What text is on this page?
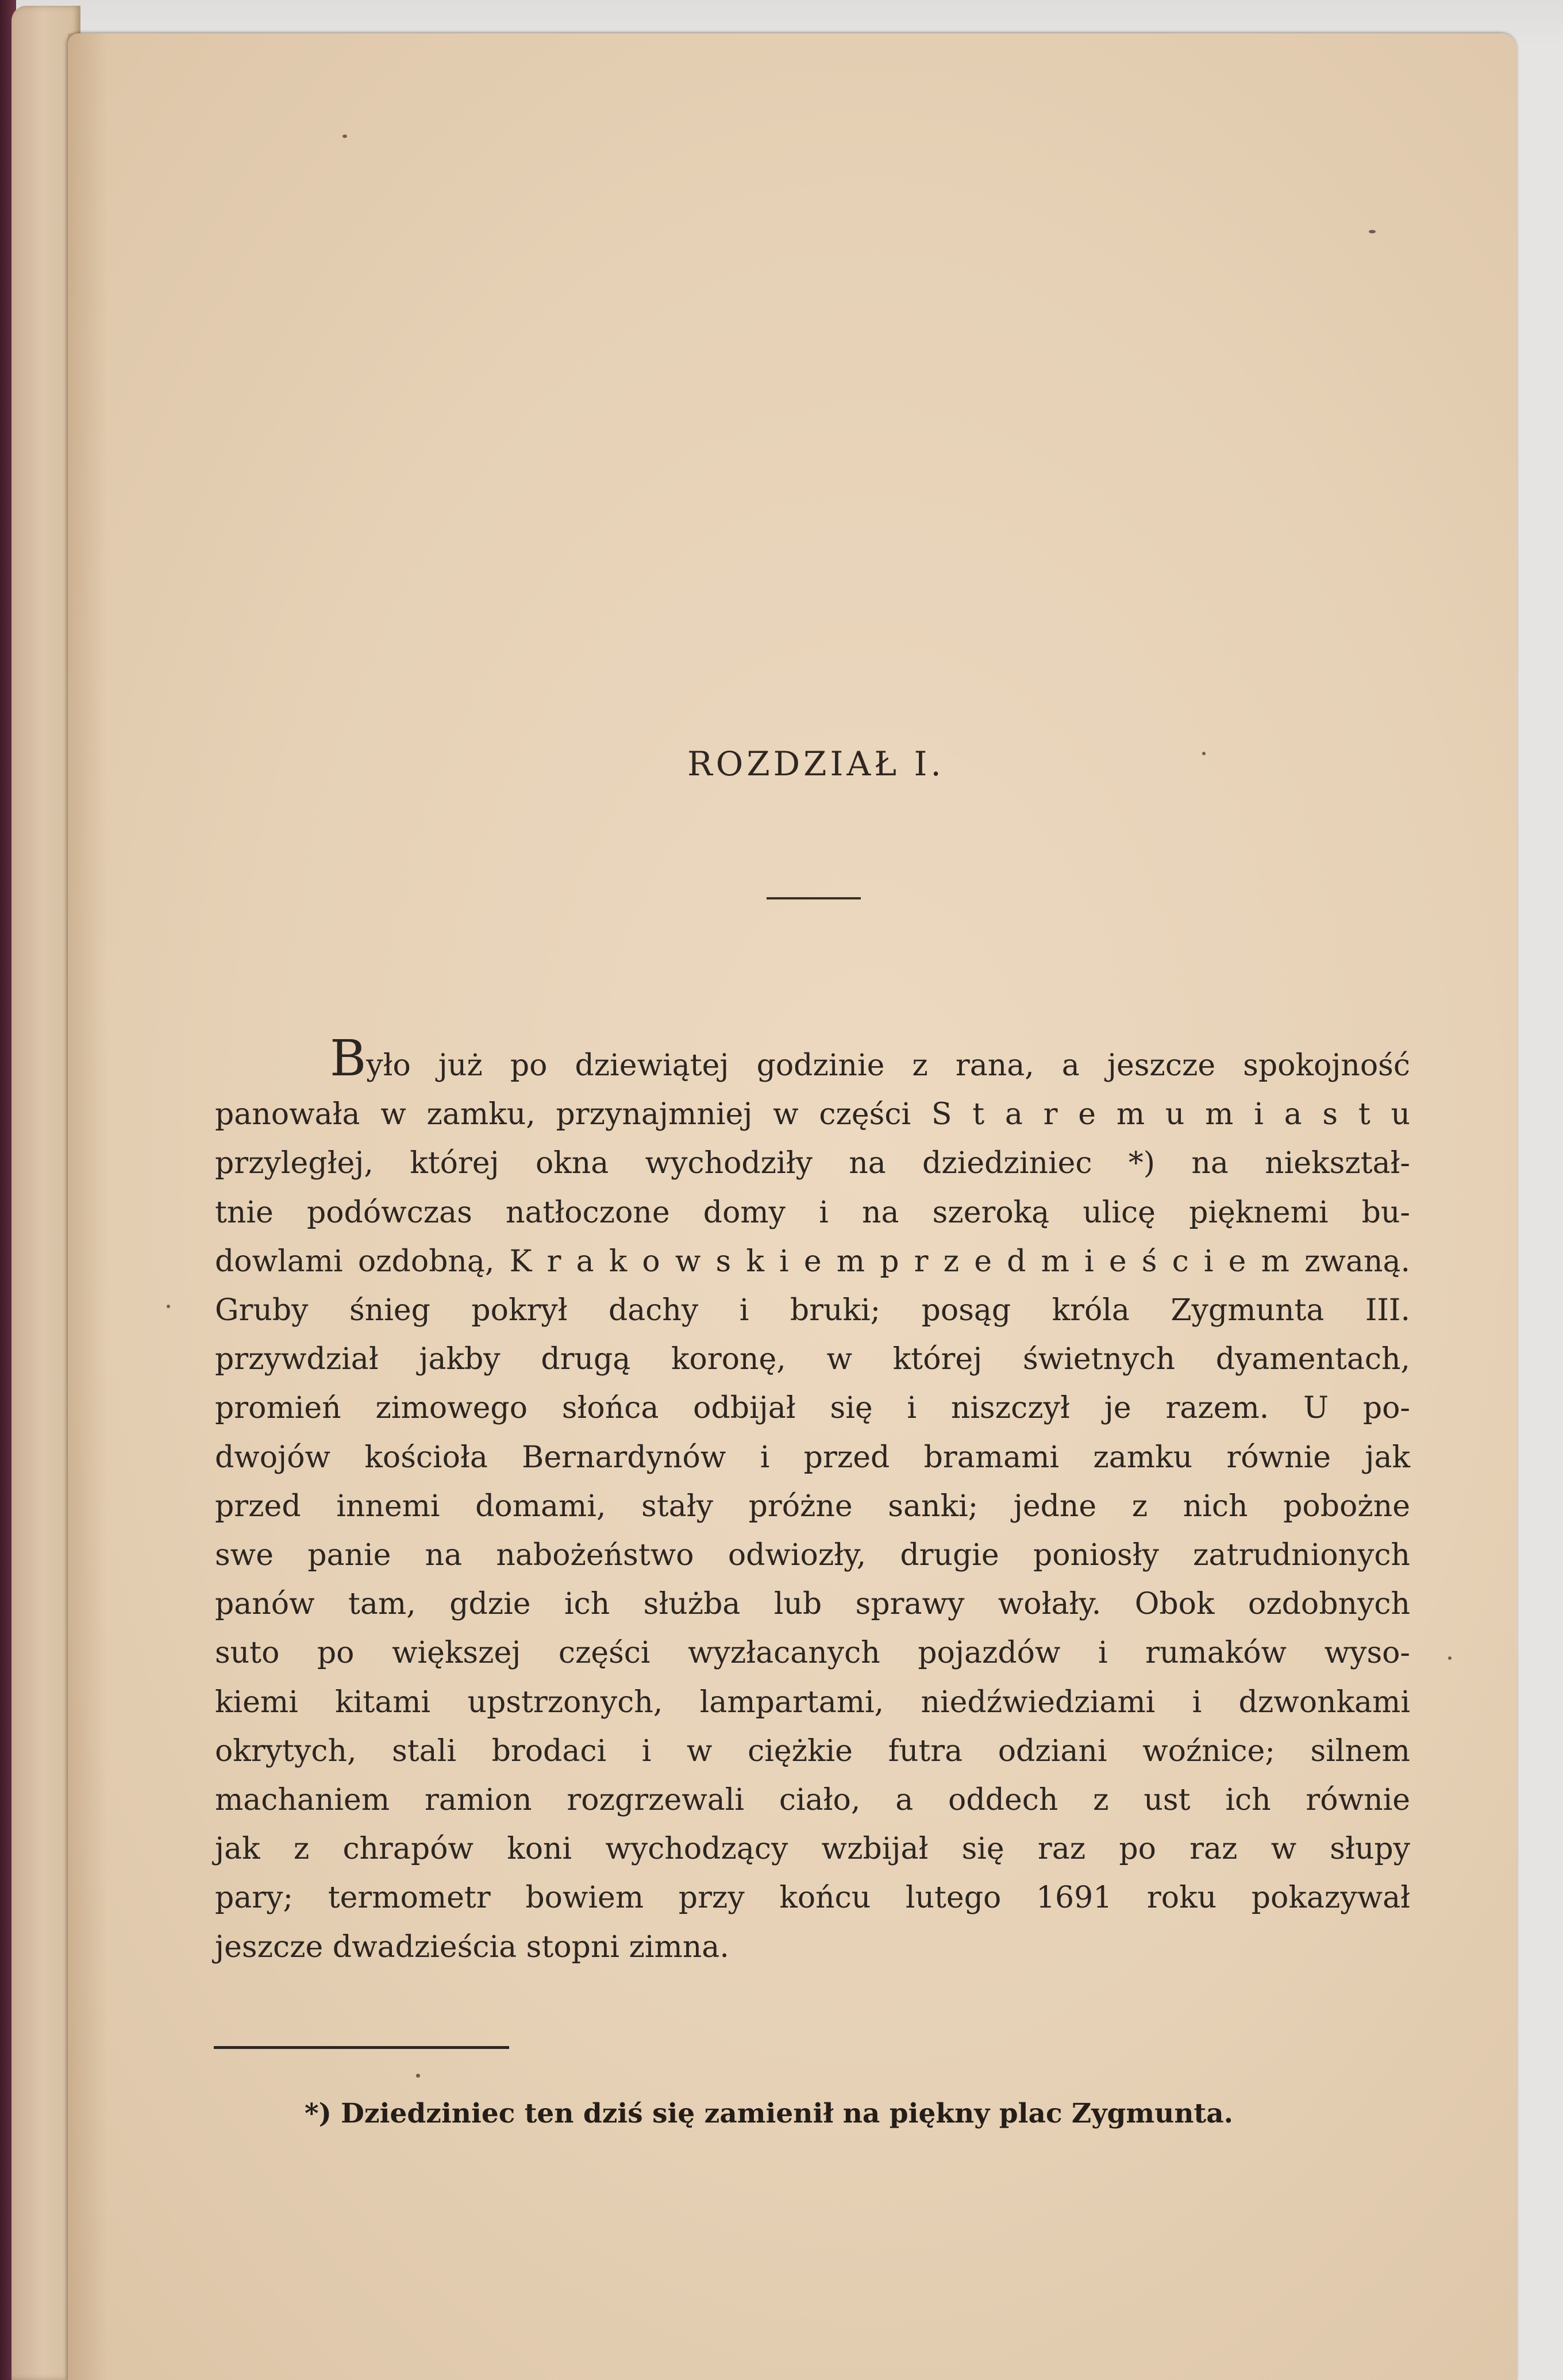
ROZDZIAŁ I.
Było już po dziewiątej godzinie z rana, a jeszcze spokojność
panowała w zamku, przynajmniej w części S t a r e m u m i a s t u
przyległej, której okna wychodziły na dziedziniec *) na niekształ-
tnie podówczas natłoczone domy i na szeroką ulicę pięknemi bu-
dowlami ozdobną, K r a k o w s k i e m p r z e d m i e ś c i e m zwaną.
Gruby śnieg pokrył dachy i bruki; posąg króla Zygmunta III.
przywdział jakby drugą koronę, w której świetnych dyamentach,
promień zimowego słońca odbijał się i niszczył je razem. U po-
dwojów kościoła Bernardynów i przed bramami zamku równie jak
przed innemi domami, stały próżne sanki; jedne z nich pobożne
swe panie na nabożeństwo odwiozły, drugie poniosły zatrudnionych
panów tam, gdzie ich służba lub sprawy wołały. Obok ozdobnych
suto po większej części wyzłacanych pojazdów i rumaków wyso-
kiemi kitami upstrzonych, lampartami, niedźwiedziami i dzwonkami
okrytych, stali brodaci i w ciężkie futra odziani woźnice; silnem
machaniem ramion rozgrzewali ciało, a oddech z ust ich równie
jak z chrapów koni wychodzący wzbijał się raz po raz w słupy
pary; termometr bowiem przy końcu lutego 1691 roku pokazywał
jeszcze dwadzieścia stopni zimna.
*) Dziedziniec ten dziś się zamienił na piękny plac Zygmunta.
